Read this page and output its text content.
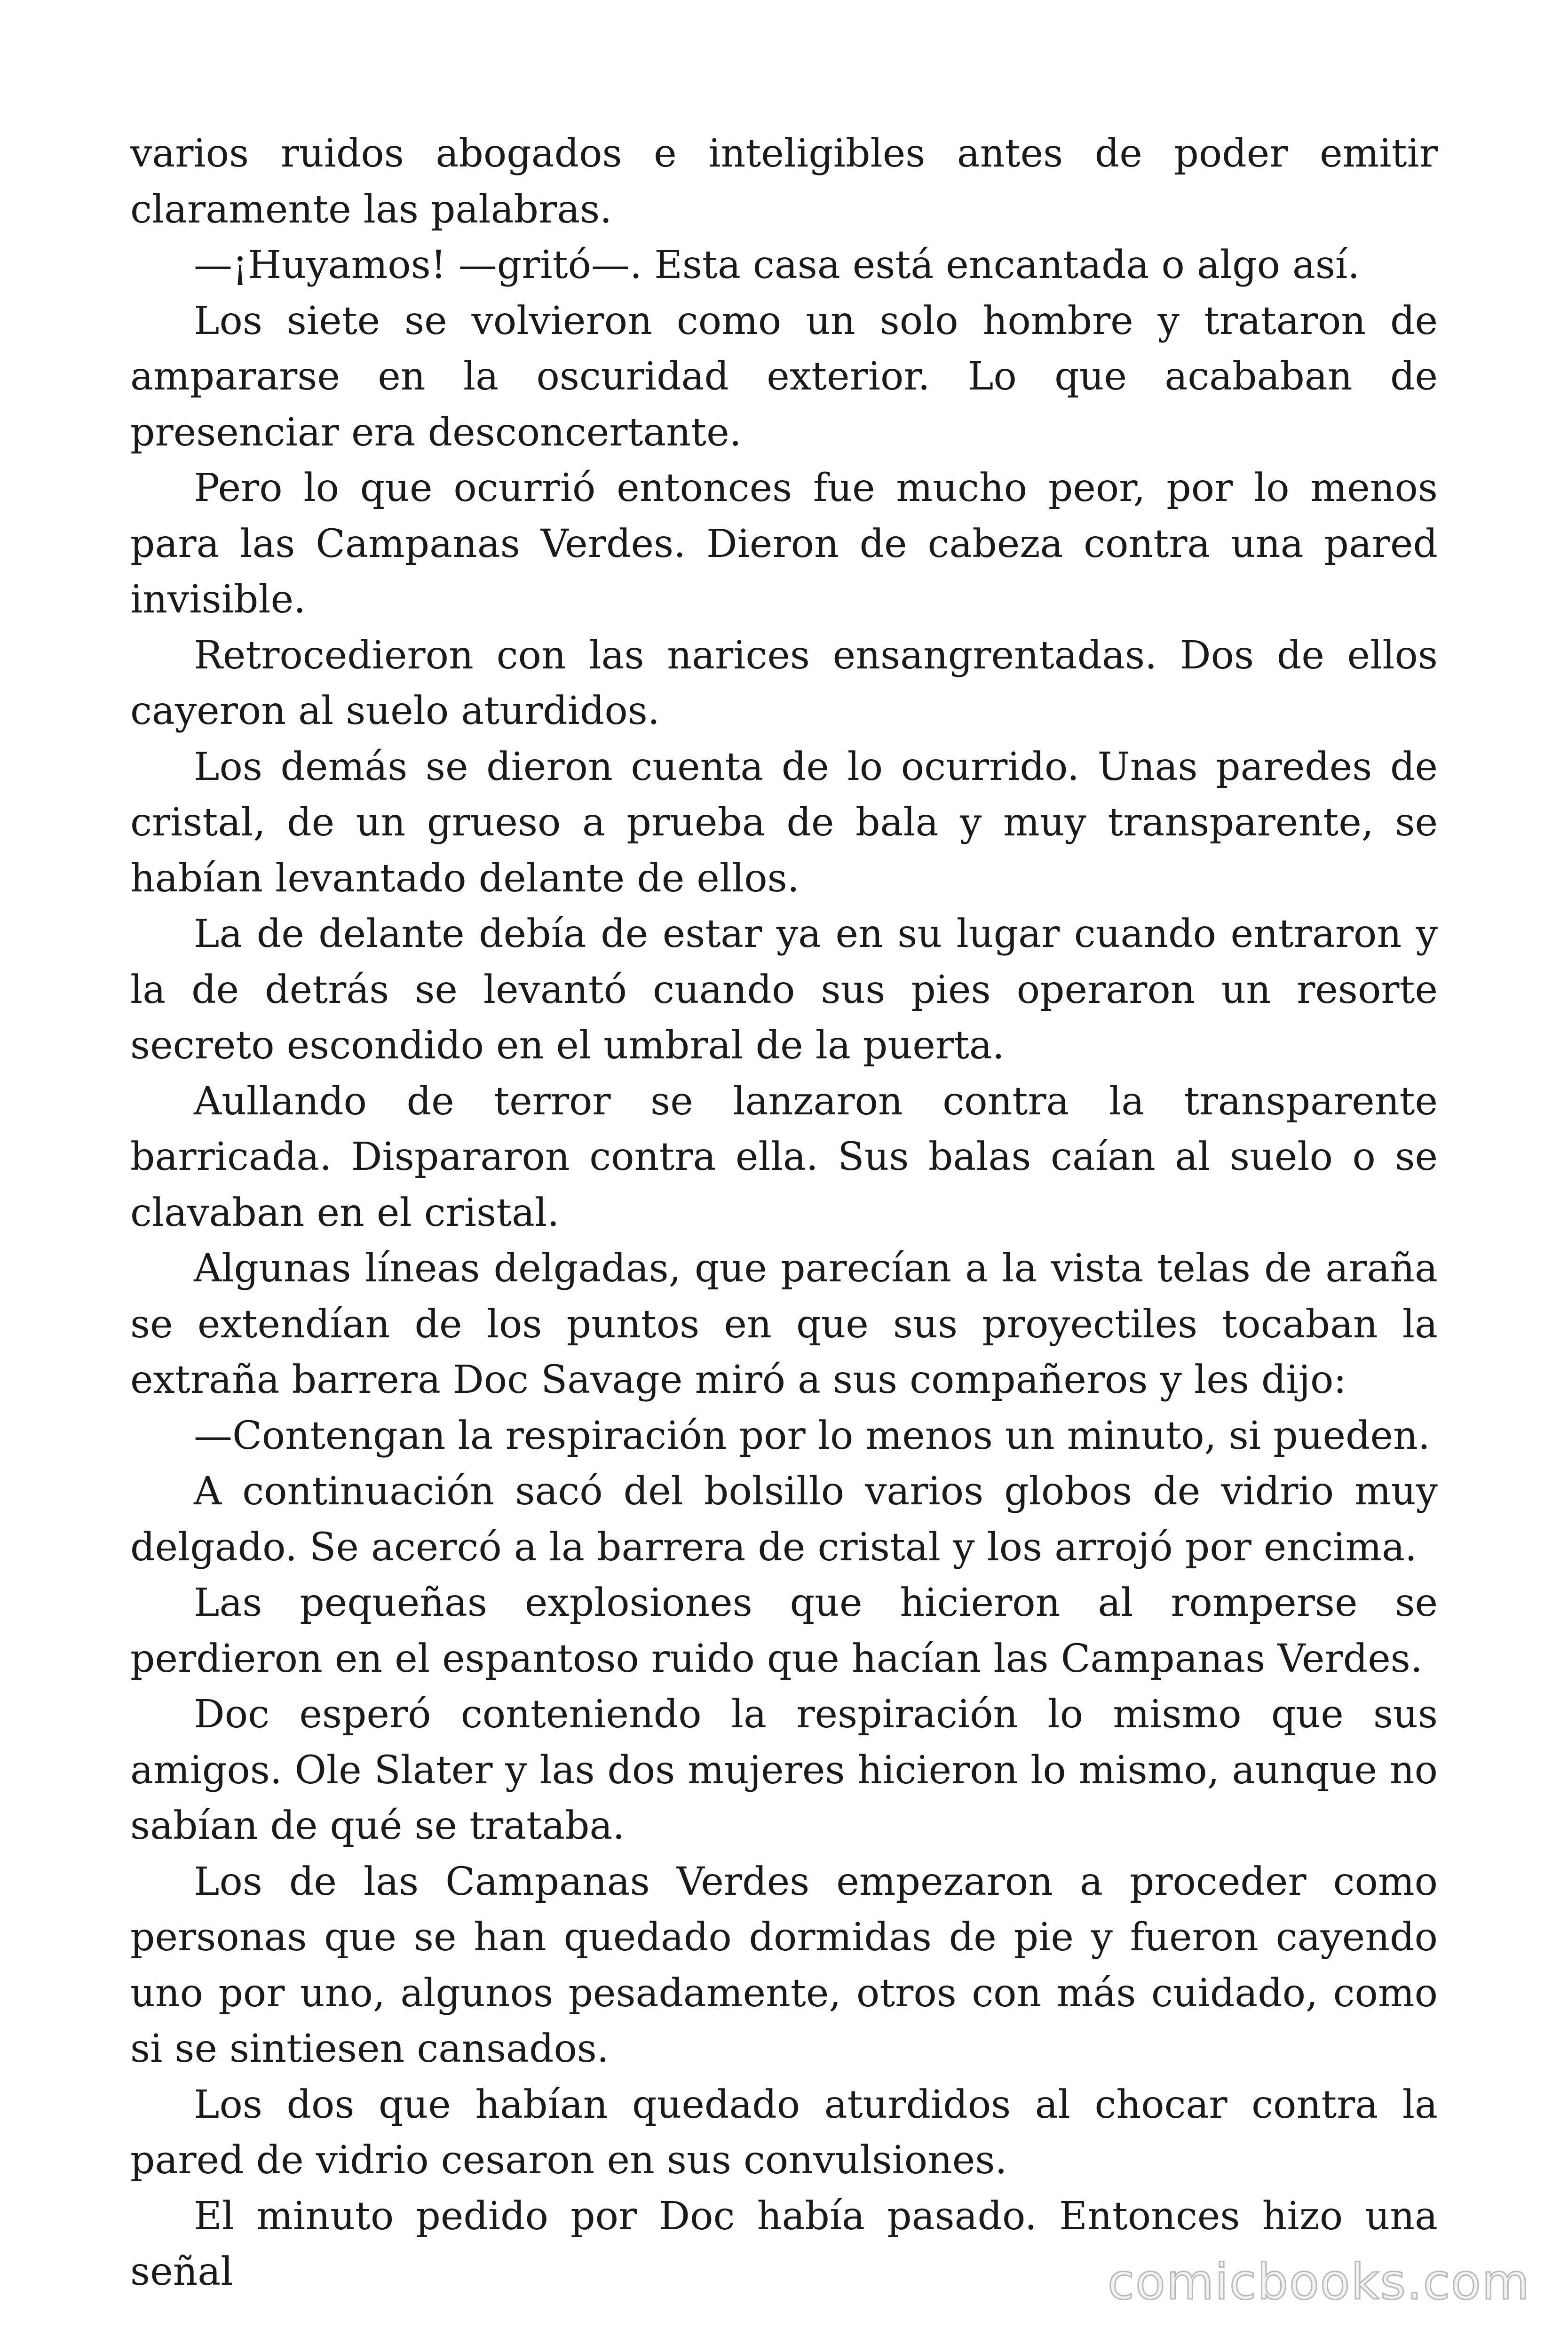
varios ruidos abogados e inteligibles antes de poder emitir claramente las palabras.

—¡Huyamos! —gritó—. Esta casa está encantada o algo así.

Los siete se volvieron como un solo hombre y trataron de ampararse en la oscuridad exterior. Lo que acababan de presenciar era desconcertante.

Pero lo que ocurrió entonces fue mucho peor, por lo menos para las Campanas Verdes. Dieron de cabeza contra una pared invisible.

Retrocedieron con las narices ensangrentadas. Dos de ellos cayeron al suelo aturdidos.

Los demás se dieron cuenta de lo ocurrido. Unas paredes de cristal, de un grueso a prueba de bala y muy transparente, se habían levantado delante de ellos.

La de delante debía de estar ya en su lugar cuando entraron y la de detrás se levantó cuando sus pies operaron un resorte secreto escondido en el umbral de la puerta.

Aullando de terror se lanzaron contra la transparente barricada. Dispararon contra ella. Sus balas caían al suelo o se clavaban en el cristal.

Algunas líneas delgadas, que parecían a la vista telas de araña se extendían de los puntos en que sus proyectiles tocaban la extraña barrera Doc Savage miró a sus compañeros y les dijo:

—Contengan la respiración por lo menos un minuto, si pueden.

A continuación sacó del bolsillo varios globos de vidrio muy delgado. Se acercó a la barrera de cristal y los arrojó por encima.

Las pequeñas explosiones que hicieron al romperse se perdieron en el espantoso ruido que hacían las Campanas Verdes.

Doc esperó conteniendo la respiración lo mismo que sus amigos. Ole Slater y las dos mujeres hicieron lo mismo, aunque no sabían de qué se trataba.

Los de las Campanas Verdes empezaron a proceder como personas que se han quedado dormidas de pie y fueron cayendo uno por uno, algunos pesadamente, otros con más cuidado, como si se sintiesen cansados.

Los dos que habían quedado aturdidos al chocar contra la pared de vidrio cesaron en sus convulsiones.

El minuto pedido por Doc había pasado. Entonces hizo una señal	comicbooks.com
